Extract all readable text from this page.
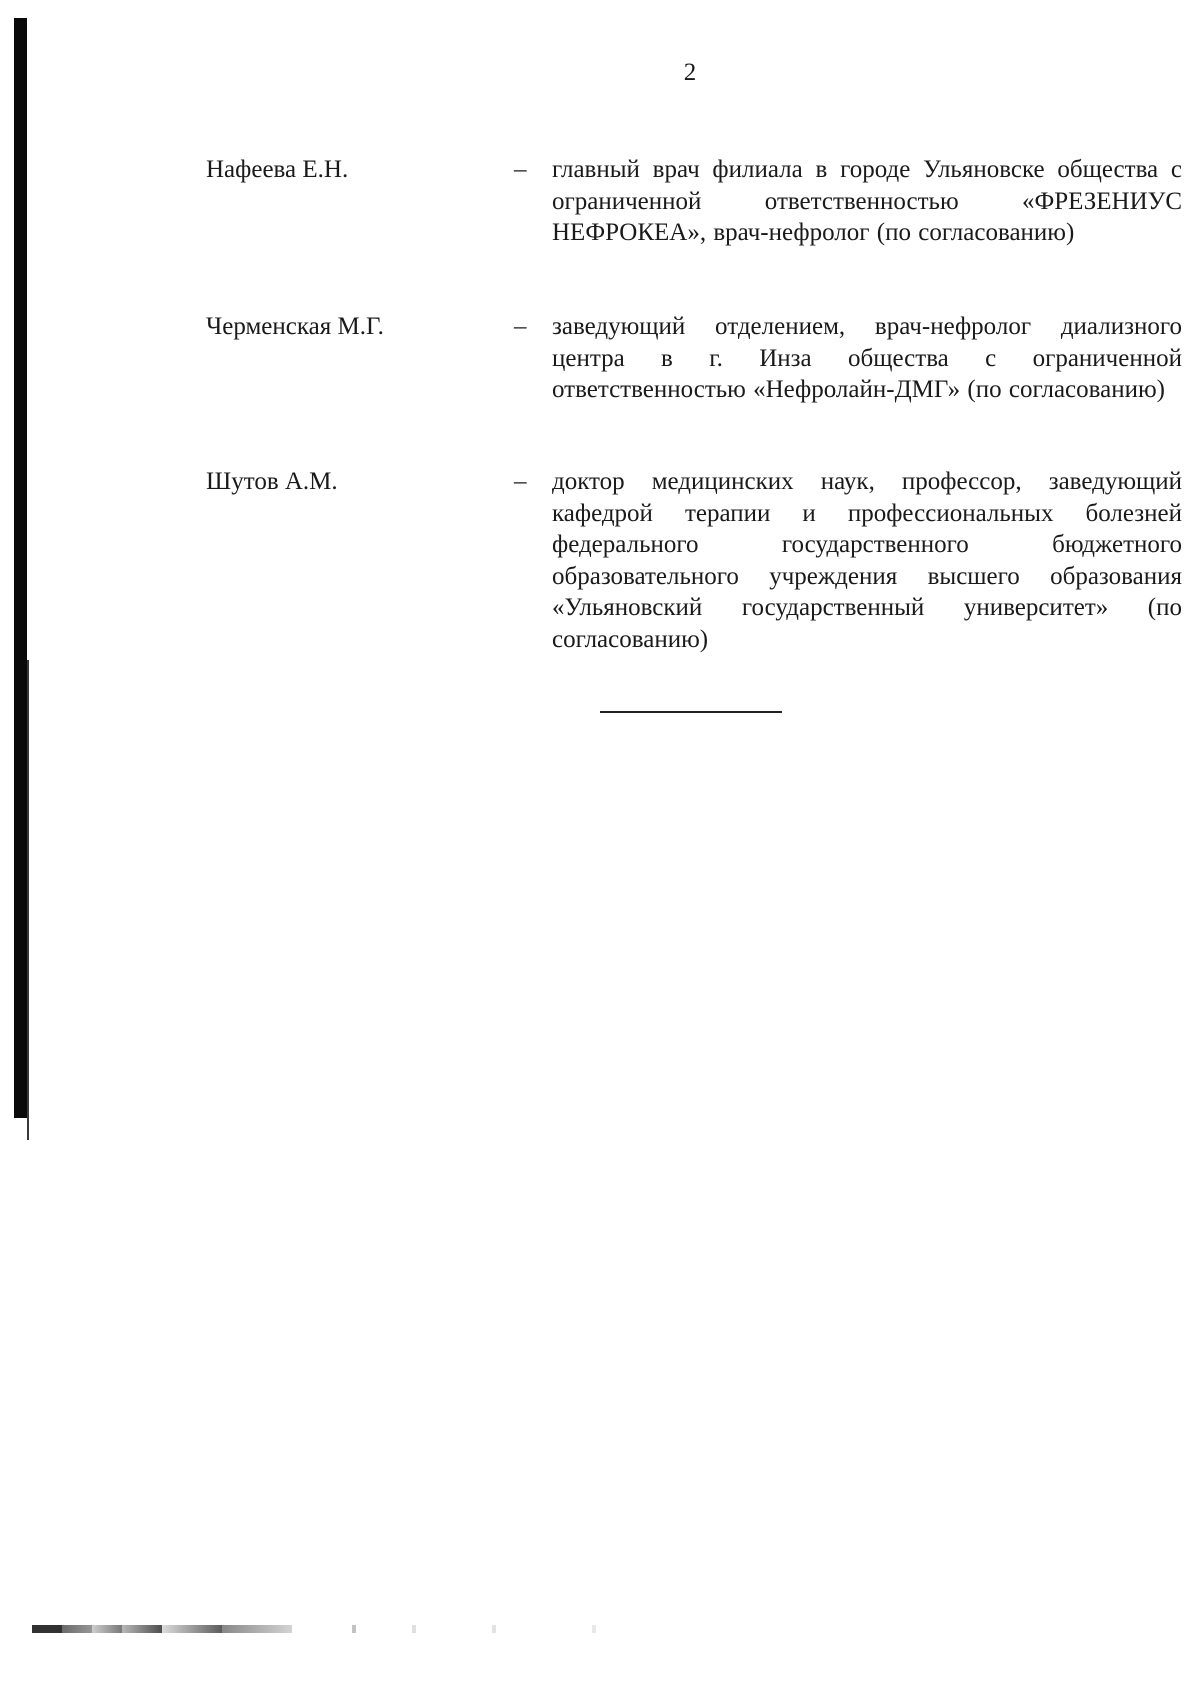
2
Нафеева Е.Н.	– главный врач филиала в городе Ульяновске общества с ограниченной ответственностью «ФРЕЗЕНИУС НЕФРОКЕА», врач-нефролог (по согласованию)
Черменская М.Г.	– заведующий отделением, врач-нефролог диализного центра в г. Инза общества с ограниченной ответственностью «Нефролайн-ДМГ» (по согласованию)
Шутов А.М.	– доктор медицинских наук, профессор, заведующий кафедрой терапии и профессиональных болезней федерального государственного бюджетного образовательного учреждения высшего образования «Ульяновский государственный университет» (по согласованию)
